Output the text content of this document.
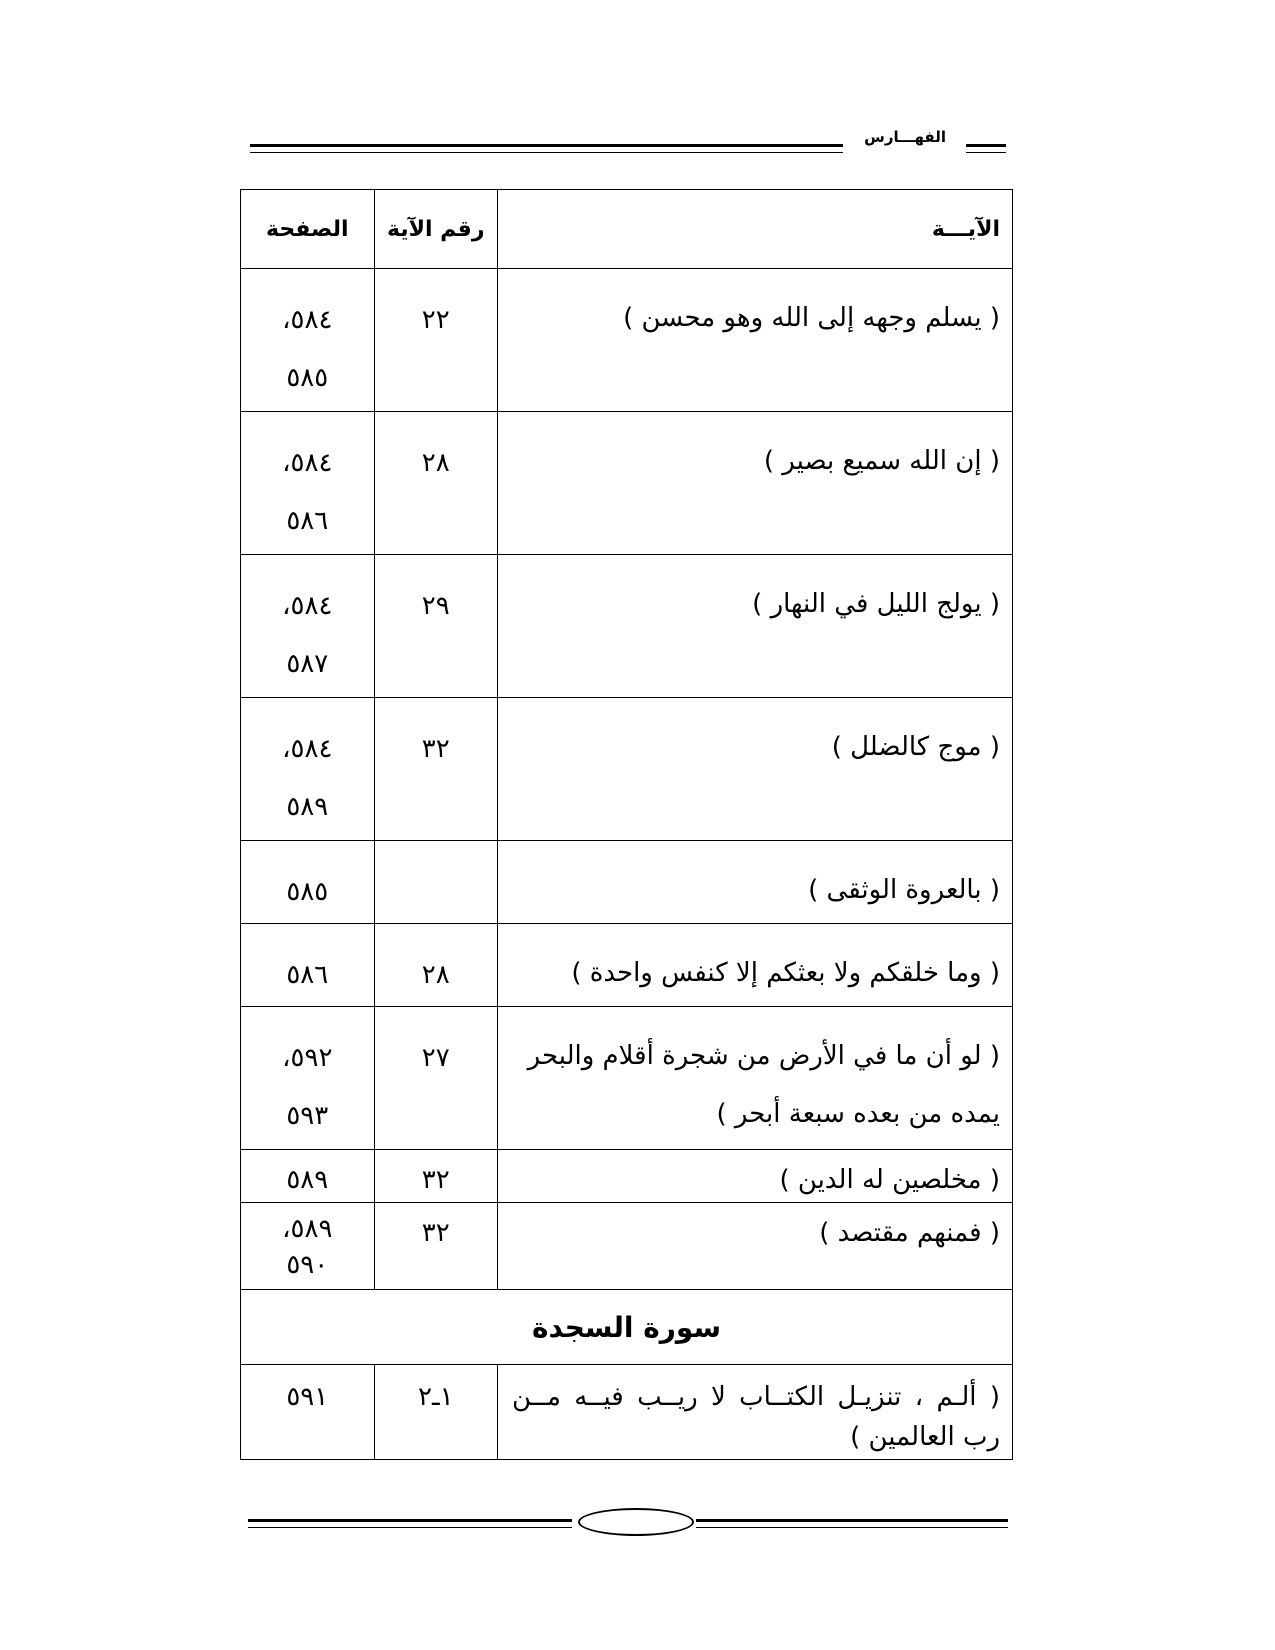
الفهـــارس
الآيـــة	رقم الآية	الصفحة
( يسلم وجهه إلى الله وهو محسن )	٢٢	٥٨٤،
٥٨٥

( إن الله سميع بصير )	٢٨	٥٨٤،
٥٨٦

( يولج الليل في النهار )	٢٩	٥٨٤،
٥٨٧

( موج كالضلل )	٣٢	٥٨٤،
٥٨٩

( بالعروة الوثقى )		٥٨٥

( وما خلقكم ولا بعثكم إلا كنفس واحدة )	٢٨	٥٨٦

( لو أن ما في الأرض من شجرة أقلام والبحر
يمده من بعده سبعة أبحر )	٢٧	٥٩٢،
٥٩٣

( مخلصين له الدين )	٣٢	٥٨٩

( فمنهم مقتصد )	٣٢	٥٨٩،
٥٩٠

سورة السجدة		
( ألـم ، تنزيـل الكتــاب لا ريــب فيــه مــن رب العالمين )	١ـ٢	٥٩١
